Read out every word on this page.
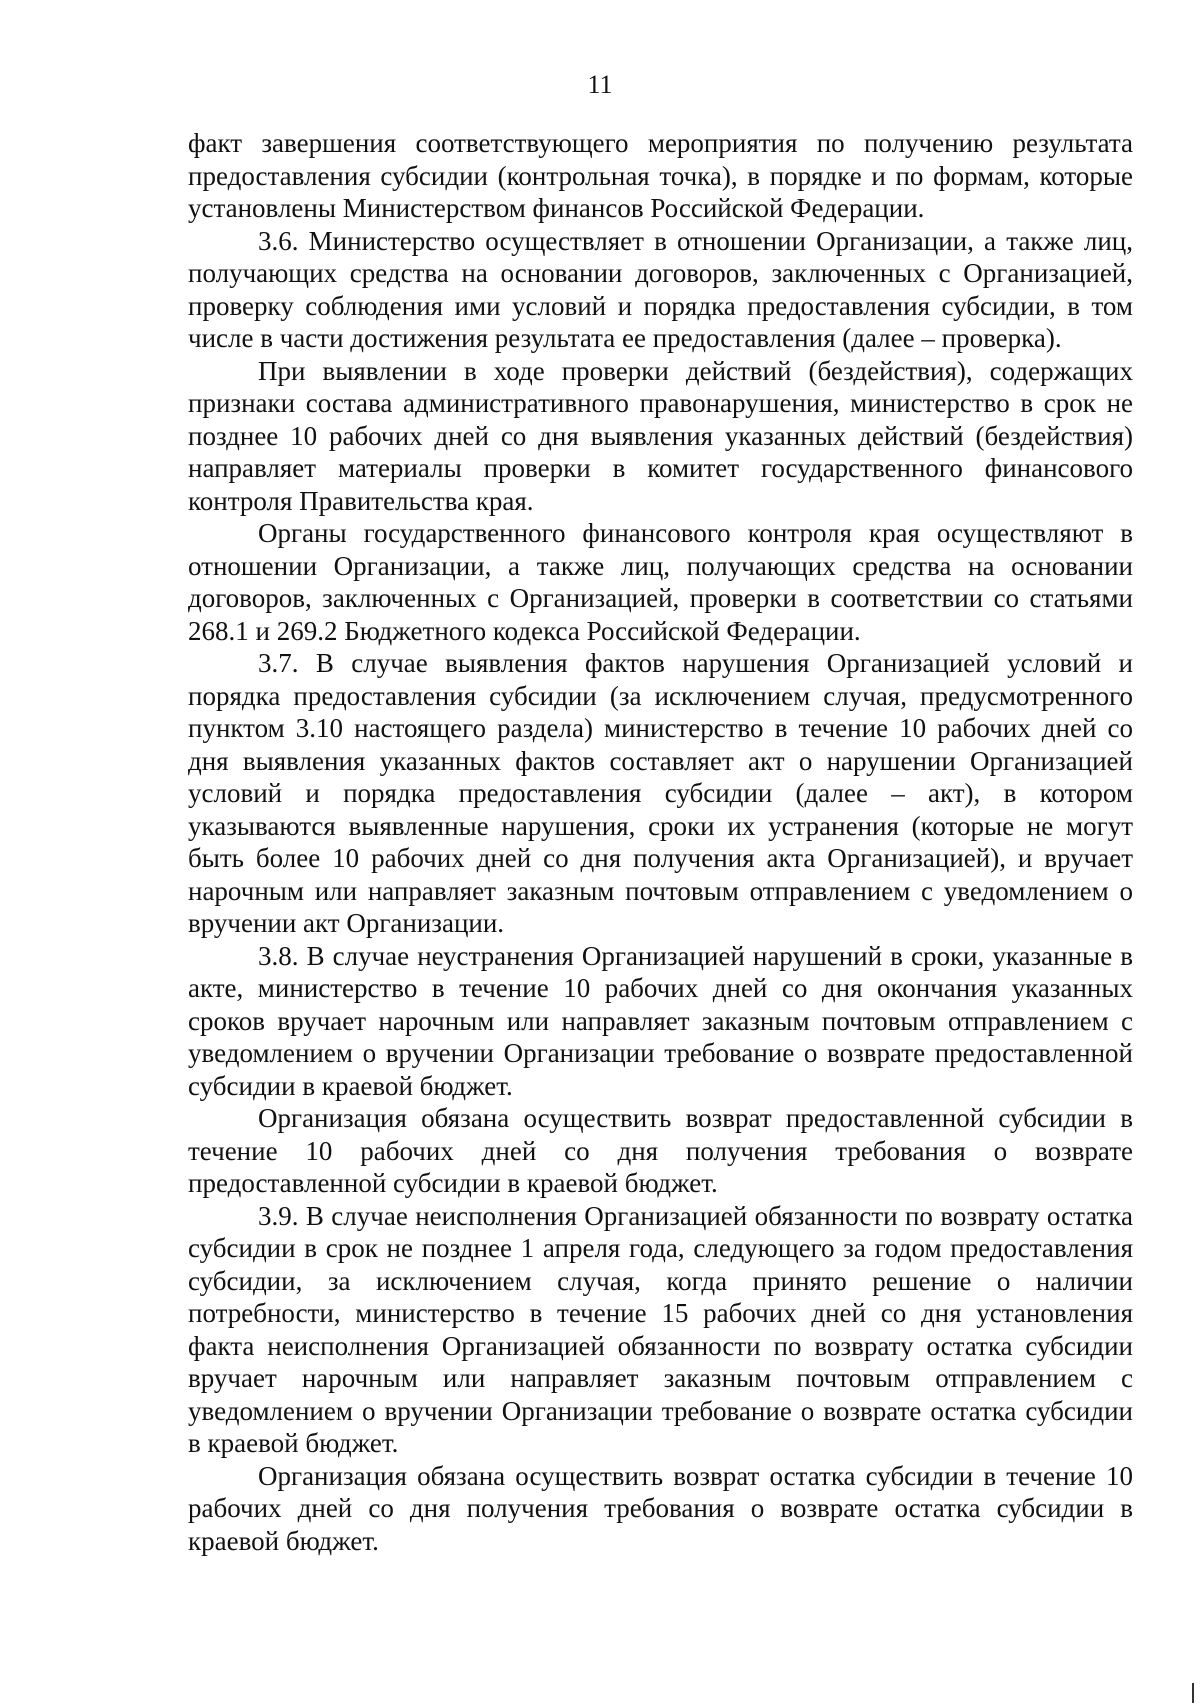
11

факт завершения соответствующего мероприятия по получению результата предоставления субсидии (контрольная точка), в порядке и по формам, которые установлены Министерством финансов Российской Федерации.

3.6. Министерство осуществляет в отношении Организации, а также лиц, получающих средства на основании договоров, заключенных с Организацией, проверку соблюдения ими условий и порядка предоставления субсидии, в том числе в части достижения результата ее предоставления (далее – проверка).

При выявлении в ходе проверки действий (бездействия), содержащих признаки состава административного правонарушения, министерство в срок не позднее 10 рабочих дней со дня выявления указанных действий (бездействия) направляет материалы проверки в комитет государственного финансового контроля Правительства края.

Органы государственного финансового контроля края осуществляют в отношении Организации, а также лиц, получающих средства на основании договоров, заключенных с Организацией, проверки в соответствии со статьями 268.1 и 269.2 Бюджетного кодекса Российской Федерации.

3.7. В случае выявления фактов нарушения Организацией условий и порядка предоставления субсидии (за исключением случая, предусмотренного пунктом 3.10 настоящего раздела) министерство в течение 10 рабочих дней со дня выявления указанных фактов составляет акт о нарушении Организацией условий и порядка предоставления субсидии (далее – акт), в котором указываются выявленные нарушения, сроки их устранения (которые не могут быть более 10 рабочих дней со дня получения акта Организацией), и вручает нарочным или направляет заказным почтовым отправлением с уведомлением о вручении акт Организации.

3.8. В случае неустранения Организацией нарушений в сроки, указанные в акте, министерство в течение 10 рабочих дней со дня окончания указанных сроков вручает нарочным или направляет заказным почтовым отправлением с уведомлением о вручении Организации требование о возврате предоставленной субсидии в краевой бюджет.

Организация обязана осуществить возврат предоставленной субсидии в течение 10 рабочих дней со дня получения требования о возврате предоставленной субсидии в краевой бюджет.

3.9. В случае неисполнения Организацией обязанности по возврату остатка субсидии в срок не позднее 1 апреля года, следующего за годом предоставления субсидии, за исключением случая, когда принято решение о наличии потребности, министерство в течение 15 рабочих дней со дня установления факта неисполнения Организацией обязанности по возврату остатка субсидии вручает нарочным или направляет заказным почтовым отправлением с уведомлением о вручении Организации требование о возврате остатка субсидии в краевой бюджет.

Организация обязана осуществить возврат остатка субсидии в течение 10 рабочих дней со дня получения требования о возврате остатка субсидии в краевой бюджет.
